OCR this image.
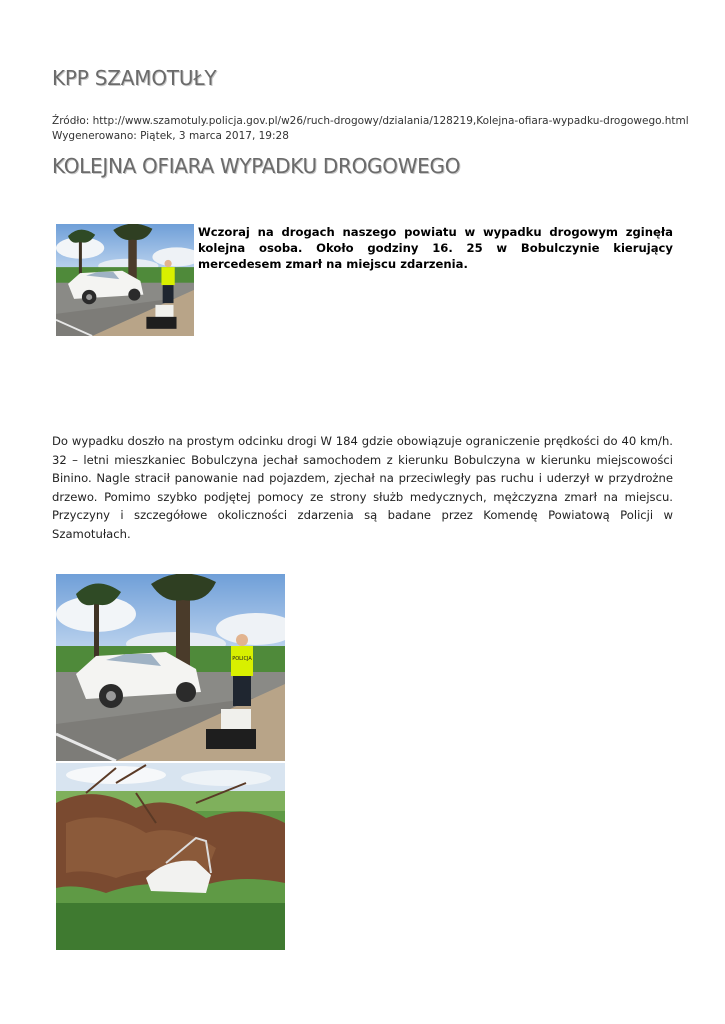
KPP SZAMOTUŁY
Źródło: http://www.szamotuly.policja.gov.pl/w26/ruch-drogowy/dzialania/128219,Kolejna-ofiara-wypadku-drogowego.html
Wygenerowano: Piątek, 3 marca 2017, 19:28
KOLEJNA OFIARA WYPADKU DROGOWEGO
Wczoraj na drogach naszego powiatu w wypadku drogowym zginęła kolejna osoba. Około godziny 16. 25 w Bobulczynie kierujący mercedesem zmarł na miejscu zdarzenia.

Do wypadku doszło na prostym odcinku drogi W 184 gdzie obowiązuje ograniczenie prędkości do 40 km/h. 32 – letni mieszkaniec Bobulczyna jechał samochodem z kierunku Bobulczyna w kierunku miejscowości Binino. Nagle stracił panowanie nad pojazdem, zjechał na przeciwległy pas ruchu i uderzył w przydrożne drzewo. Pomimo szybko podjętej pomocy ze strony służb medycznych, mężczyzna zmarł na miejscu. Przyczyny i szczegółowe okoliczności zdarzenia są badane przez Komendę Powiatową Policji w Szamotułach.

POLICJA
